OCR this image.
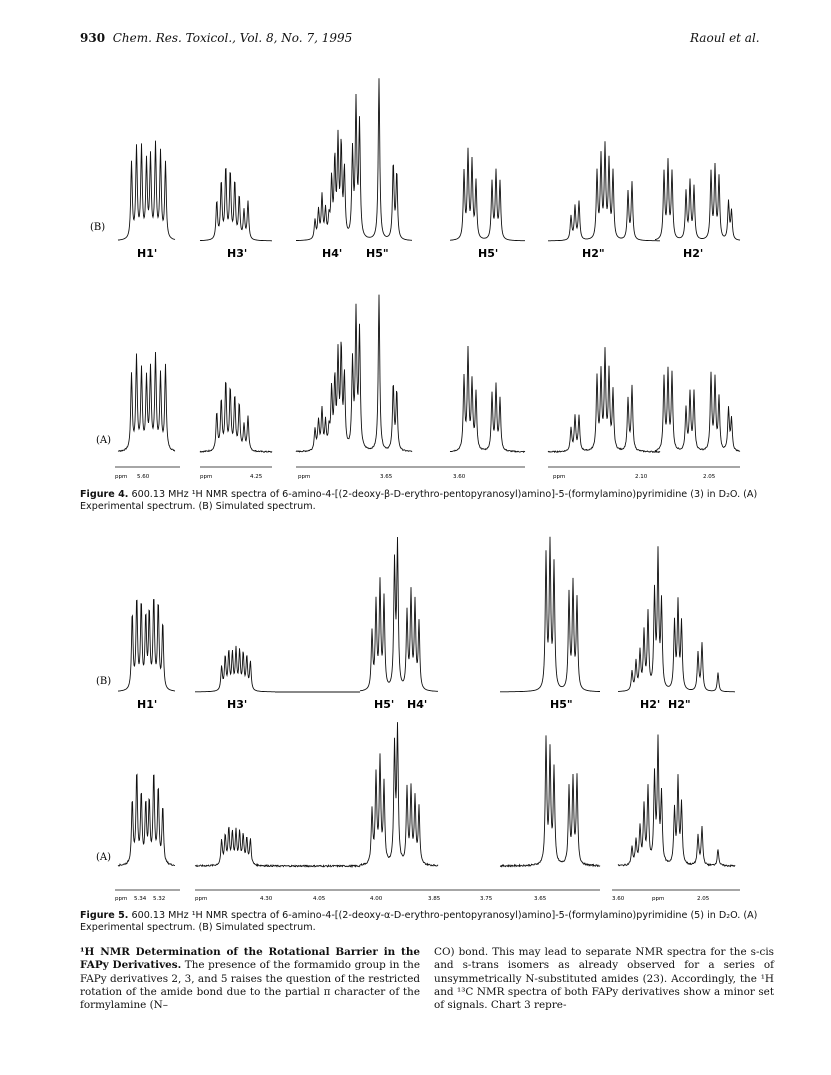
930 Chem. Res. Toxicol., Vol. 8, No. 7, 1995	Raoul et al.
(B)
(A)
H1'	H3'	H4' H5"	H5'	H2"	H2'
ppm 5.60	ppm	4.25	ppm	3.65	3.60	ppm	2.10	2.05
(B)
(A)
H1'	H3'	H5' H4'	H5"	H2' H2"
ppm 5.34 5.32	ppm	4.30	4.05	4.00	3.85	3.75	3.65	3.60	ppm	2.05
Figure 4. 600.13 MHz ¹H NMR spectra of 6-amino-4-[(2-deoxy-β-D-erythro-pentopyranosyl)amino]-5-(formylamino)pyrimidine (3) in D₂O. (A) Experimental spectrum. (B) Simulated spectrum.
Figure 5. 600.13 MHz ¹H NMR spectra of 6-amino-4-[(2-deoxy-α-D-erythro-pentopyranosyl)amino]-5-(formylamino)pyrimidine (5) in D₂O. (A) Experimental spectrum. (B) Simulated spectrum.
¹H NMR Determination of the Rotational Barrier in the FAPy Derivatives. The presence of the formamido group in the FAPy derivatives 2, 3, and 5 raises the question of the restricted rotation of the amide bond due to the partial π character of the formylamine (N–
CO) bond. This may lead to separate NMR spectra for the s-cis and s-trans isomers as already observed for a series of unsymmetrically N-substituted amides (23). Accordingly, the ¹H and ¹³C NMR spectra of both FAPy derivatives show a minor set of signals. Chart 3 repre-
